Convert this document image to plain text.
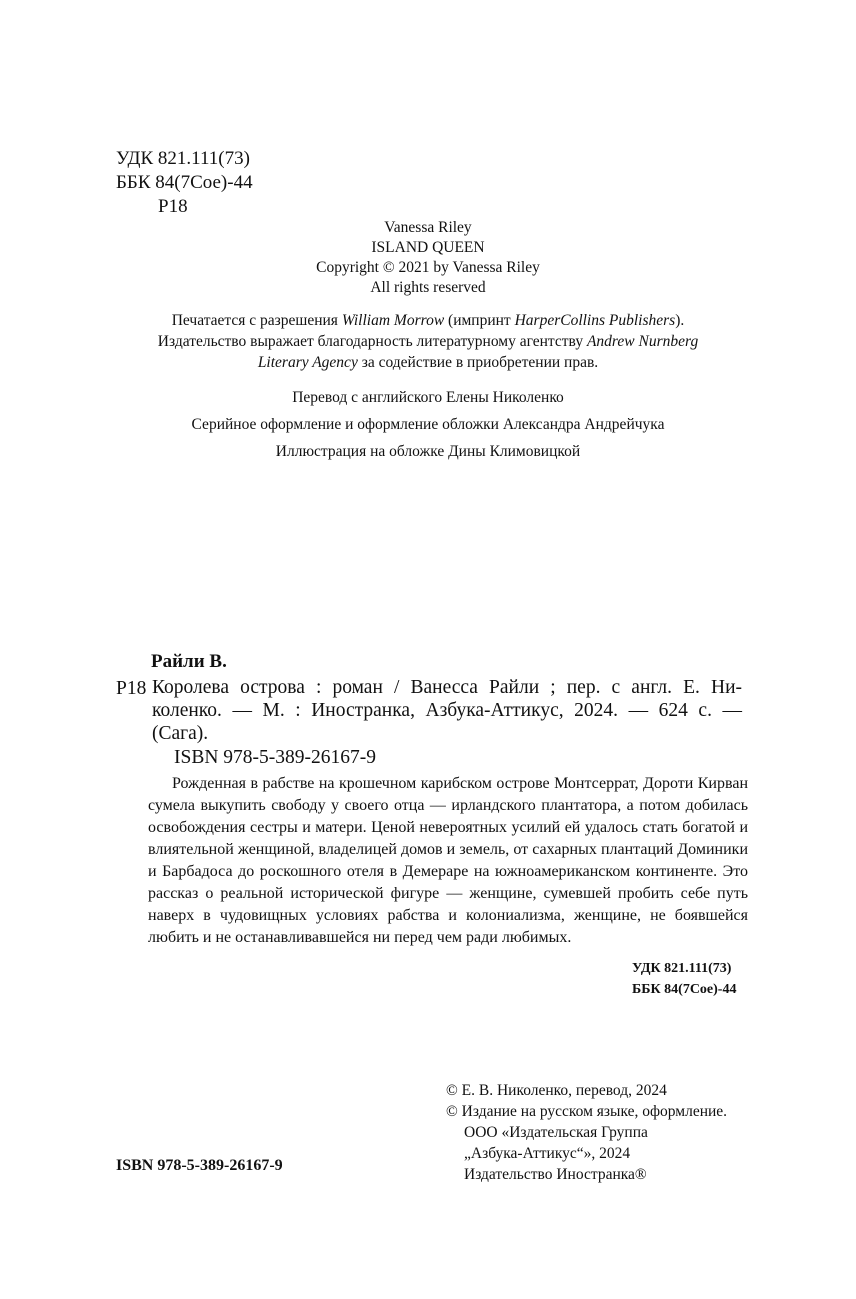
УДК 821.111(73)
ББК 84(7Сое)-44
Р18
Vanessa Riley
ISLAND QUEEN
Copyright © 2021 by Vanessa Riley
All rights reserved
Печатается с разрешения William Morrow (импринт HarperCollins Publishers).
Издательство выражает благодарность литературному агентству Andrew Nurnberg
Literary Agency за содействие в приобретении прав.
Перевод с английского Елены Николенко
Серийное оформление и оформление обложки Александра Андрейчука
Иллюстрация на обложке Дины Климовицкой
Райли В.
Р18 Королева острова : роман / Ванесса Райли ; пер. с англ. Е. Ни-
коленко. — М. : Иностранка, Азбука-Аттикус, 2024. — 624 с. —
(Сага).
ISBN 978-5-389-26167-9

Рожденная в рабстве на крошечном карибском острове Монтсеррат, Дороти Кирван сумела выкупить свободу у своего отца — ирландского плантатора, а потом добилась освобождения сестры и матери. Ценой невероятных усилий ей удалось стать богатой и влиятельной женщиной, владелицей домов и земель, от сахарных плантаций Доминики и Барбадоса до роскошного отеля в Демераре на южноамериканском континенте. Это рассказ о реальной исторической фигуре — женщине, сумевшей пробить себе путь наверх в чудовищных условиях рабства и колониализма, женщине, не боявшейся любить и не останавливавшейся ни перед чем ради любимых.

УДК 821.111(73)
ББК 84(7Сое)-44
© Е. В. Николенко, перевод, 2024
© Издание на русском языке, оформление.
ООО «Издательская Группа
„Азбука-Аттикус“», 2024
Издательство Иностранка®
ISBN 978-5-389-26167-9
